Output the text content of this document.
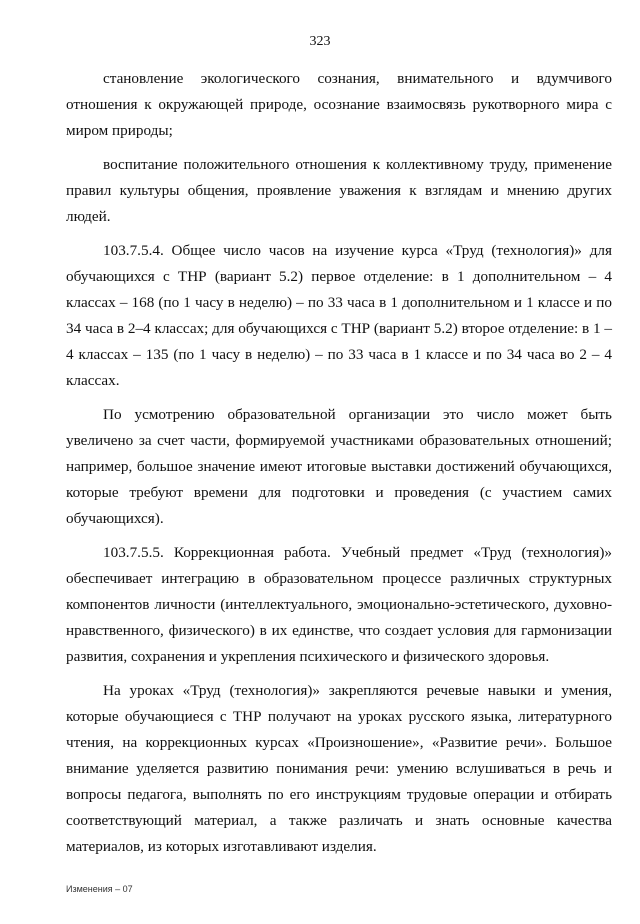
323

становление экологического сознания, внимательного и вдумчивого отношения к окружающей природе, осознание взаимосвязь рукотворного мира с миром природы;

воспитание положительного отношения к коллективному труду, применение правил культуры общения, проявление уважения к взглядам и мнению других людей.

103.7.5.4. Общее число часов на изучение курса «Труд (технология)» для обучающихся с ТНР (вариант 5.2) первое отделение: в 1 дополнительном – 4 классах – 168 (по 1 часу в неделю) – по 33 часа в 1 дополнительном и 1 классе и по 34 часа в 2–4 классах; для обучающихся с ТНР (вариант 5.2) второе отделение: в 1 – 4 классах – 135 (по 1 часу в неделю) – по 33 часа в 1 классе и по 34 часа во 2 – 4 классах.

По усмотрению образовательной организации это число может быть увеличено за счет части, формируемой участниками образовательных отношений; например, большое значение имеют итоговые выставки достижений обучающихся, которые требуют времени для подготовки и проведения (с участием самих обучающихся).

103.7.5.5. Коррекционная работа. Учебный предмет «Труд (технология)» обеспечивает интеграцию в образовательном процессе различных структурных компонентов личности (интеллектуального, эмоционально-эстетического, духовно-нравственного, физического) в их единстве, что создает условия для гармонизации развития, сохранения и укрепления психического и физического здоровья.

На уроках «Труд (технология)» закрепляются речевые навыки и умения, которые обучающиеся с ТНР получают на уроках русского языка, литературного чтения, на коррекционных курсах «Произношение», «Развитие речи». Большое внимание уделяется развитию понимания речи: умению вслушиваться в речь и вопросы педагога, выполнять по его инструкциям трудовые операции и отбирать соответствующий материал, а также различать и знать основные качества материалов, из которых изготавливают изделия.

Изменения – 07
